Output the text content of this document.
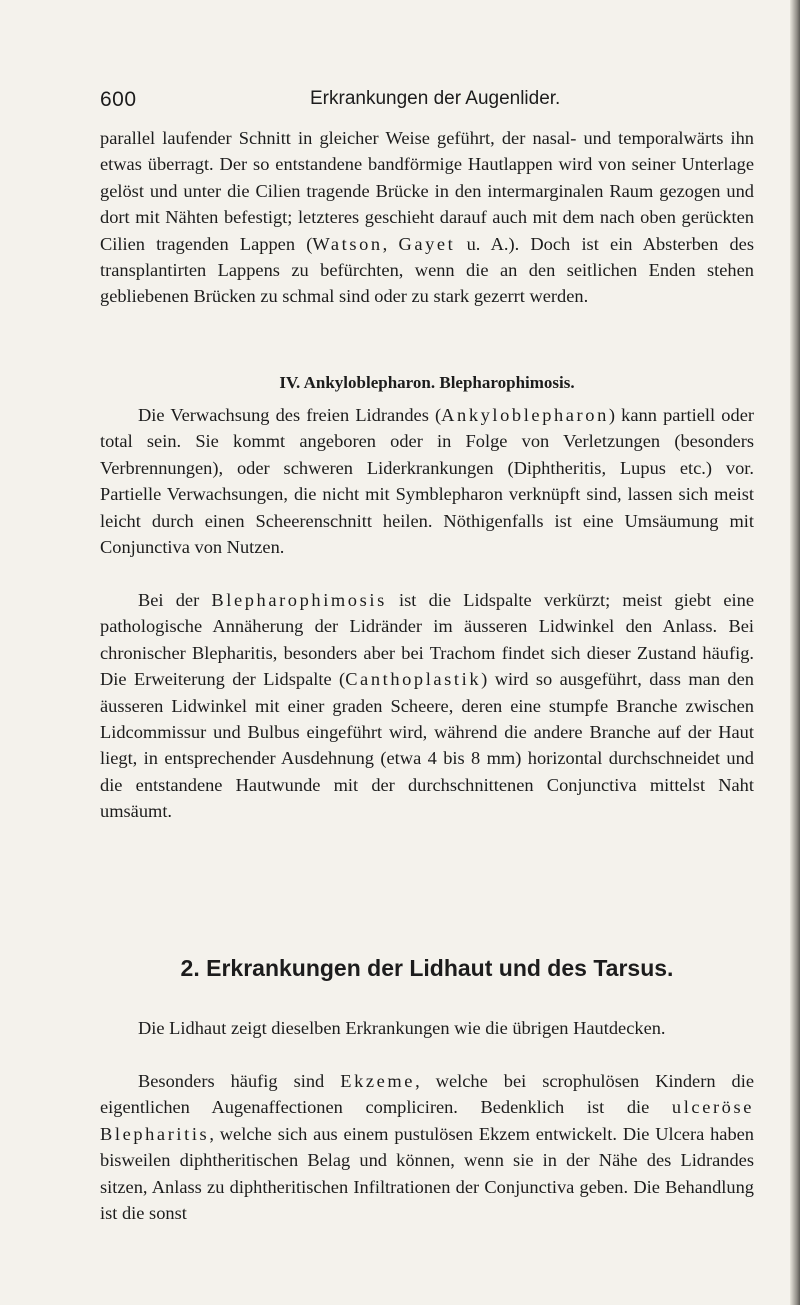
600	Erkrankungen der Augenlider.

parallel laufender Schnitt in gleicher Weise geführt, der nasal- und temporalwärts ihn etwas überragt. Der so entstandene bandförmige Hautlappen wird von seiner Unterlage gelöst und unter die Cilien tragende Brücke in den intermarginalen Raum gezogen und dort mit Nähten befestigt; letzteres geschieht darauf auch mit dem nach oben gerückten Cilien tragenden Lappen (Watson, Gayet u. A.). Doch ist ein Absterben des transplantirten Lappens zu befürchten, wenn die an den seitlichen Enden stehen gebliebenen Brücken zu schmal sind oder zu stark gezerrt werden.

IV. Ankyloblepharon. Blepharophimosis.

Die Verwachsung des freien Lidrandes (Ankyloblepharon) kann partiell oder total sein. Sie kommt angeboren oder in Folge von Verletzungen (besonders Verbrennungen), oder schweren Liderkrankungen (Diphtheritis, Lupus etc.) vor. Partielle Verwachsungen, die nicht mit Symblepharon verknüpft sind, lassen sich meist leicht durch einen Scheerenschnitt heilen. Nöthigenfalls ist eine Umsäumung mit Conjunctiva von Nutzen.

Bei der Blepharophimosis ist die Lidspalte verkürzt; meist giebt eine pathologische Annäherung der Lidränder im äusseren Lidwinkel den Anlass. Bei chronischer Blepharitis, besonders aber bei Trachom findet sich dieser Zustand häufig. Die Erweiterung der Lidspalte (Canthoplastik) wird so ausgeführt, dass man den äusseren Lidwinkel mit einer graden Scheere, deren eine stumpfe Branche zwischen Lidcommissur und Bulbus eingeführt wird, während die andere Branche auf der Haut liegt, in entsprechender Ausdehnung (etwa 4 bis 8 mm) horizontal durchschneidet und die entstandene Hautwunde mit der durchschnittenen Conjunctiva mittelst Naht umsäumt.

2. Erkrankungen der Lidhaut und des Tarsus.

Die Lidhaut zeigt dieselben Erkrankungen wie die übrigen Hautdecken.

Besonders häufig sind Ekzeme, welche bei scrophulösen Kindern die eigentlichen Augenaffectionen compliciren. Bedenklich ist die ulceröse Blepharitis, welche sich aus einem pustulösen Ekzem entwickelt. Die Ulcera haben bisweilen diphtheritischen Belag und können, wenn sie in der Nähe des Lidrandes sitzen, Anlass zu diphtheritischen Infiltrationen der Conjunctiva geben. Die Behandlung ist die sonst
